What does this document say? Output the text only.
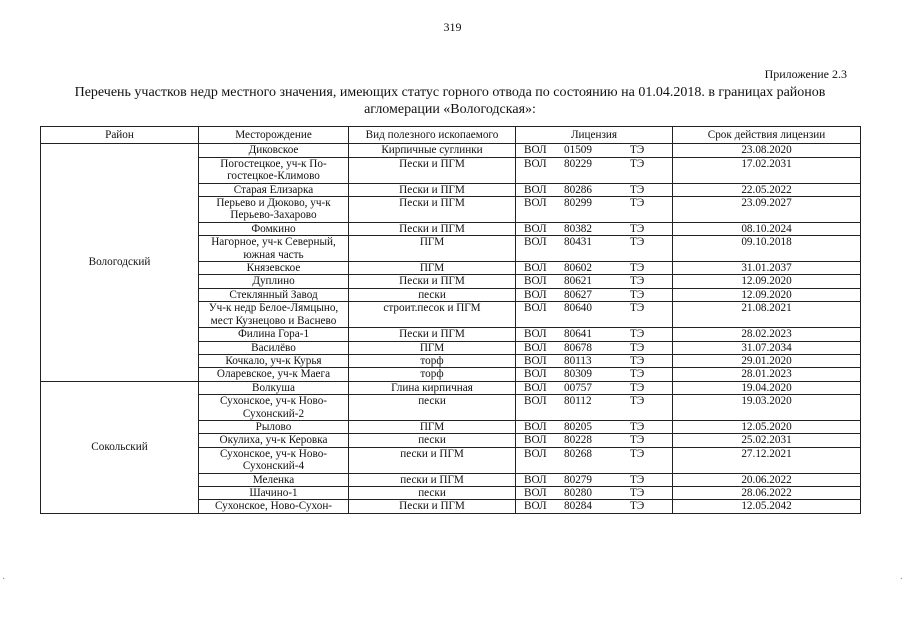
319
Приложение 2.3
Перечень участков недр местного значения, имеющих статус горного отвода по состоянию на 01.04.2018. в границах районов агломерации «Вологодская»:
Район	Месторождение	Вид полезного ископаемого	Лицензия	Срок действия лицензии
Вологодский	Диковское	Кирпичные суглинки	ВОЛ 01509 ТЭ	23.08.2020
	Погостецкое, уч-к По-гостецкое-Климово	Пески и ПГМ	ВОЛ 80229 ТЭ	17.02.2031
	Старая Елизарка	Пески и ПГМ	ВОЛ 80286 ТЭ	22.05.2022
	Перьево и Дюково, уч-к Перьево-Захарово	Пески и ПГМ	ВОЛ 80299 ТЭ	23.09.2027
	Фомкино	Пески и ПГМ	ВОЛ 80382 ТЭ	08.10.2024
	Нагорное, уч-к Северный, южная часть	ПГМ	ВОЛ 80431 ТЭ	09.10.2018
	Князевское	ПГМ	ВОЛ 80602 ТЭ	31.01.2037
	Дуплино	Пески и ПГМ	ВОЛ 80621 ТЭ	12.09.2020
	Стеклянный Завод	пески	ВОЛ 80627 ТЭ	12.09.2020
	Уч-к недр Белое-Лямцыно, мест Кузнецово и Васнево	строит.песок и ПГМ	ВОЛ 80640 ТЭ	21.08.2021
	Филина Гора-1	Пески и ПГМ	ВОЛ 80641 ТЭ	28.02.2023
	Василёво	ПГМ	ВОЛ 80678 ТЭ	31.07.2034
	Кочкало, уч-к Курья	торф	ВОЛ 80113 ТЭ	29.01.2020
	Оларевское, уч-к Маега	торф	ВОЛ 80309 ТЭ	28.01.2023
Сокольский	Волкуша	Глина кирпичная	ВОЛ 00757 ТЭ	19.04.2020
	Сухонское, уч-к Ново-Сухонский-2	пески	ВОЛ 80112 ТЭ	19.03.2020
	Рылово	ПГМ	ВОЛ 80205 ТЭ	12.05.2020
	Окулиха, уч-к Керовка	пески	ВОЛ 80228 ТЭ	25.02.2031
	Сухонское, уч-к Ново-Сухонский-4	пески и ПГМ	ВОЛ 80268 ТЭ	27.12.2021
	Меленка	пески и ПГМ	ВОЛ 80279 ТЭ	20.06.2022
	Шачино-1	пески	ВОЛ 80280 ТЭ	28.06.2022
	Сухонское, Ново-Сухон-	Пески и ПГМ	ВОЛ 80284 ТЭ	12.05.2042
·	·
